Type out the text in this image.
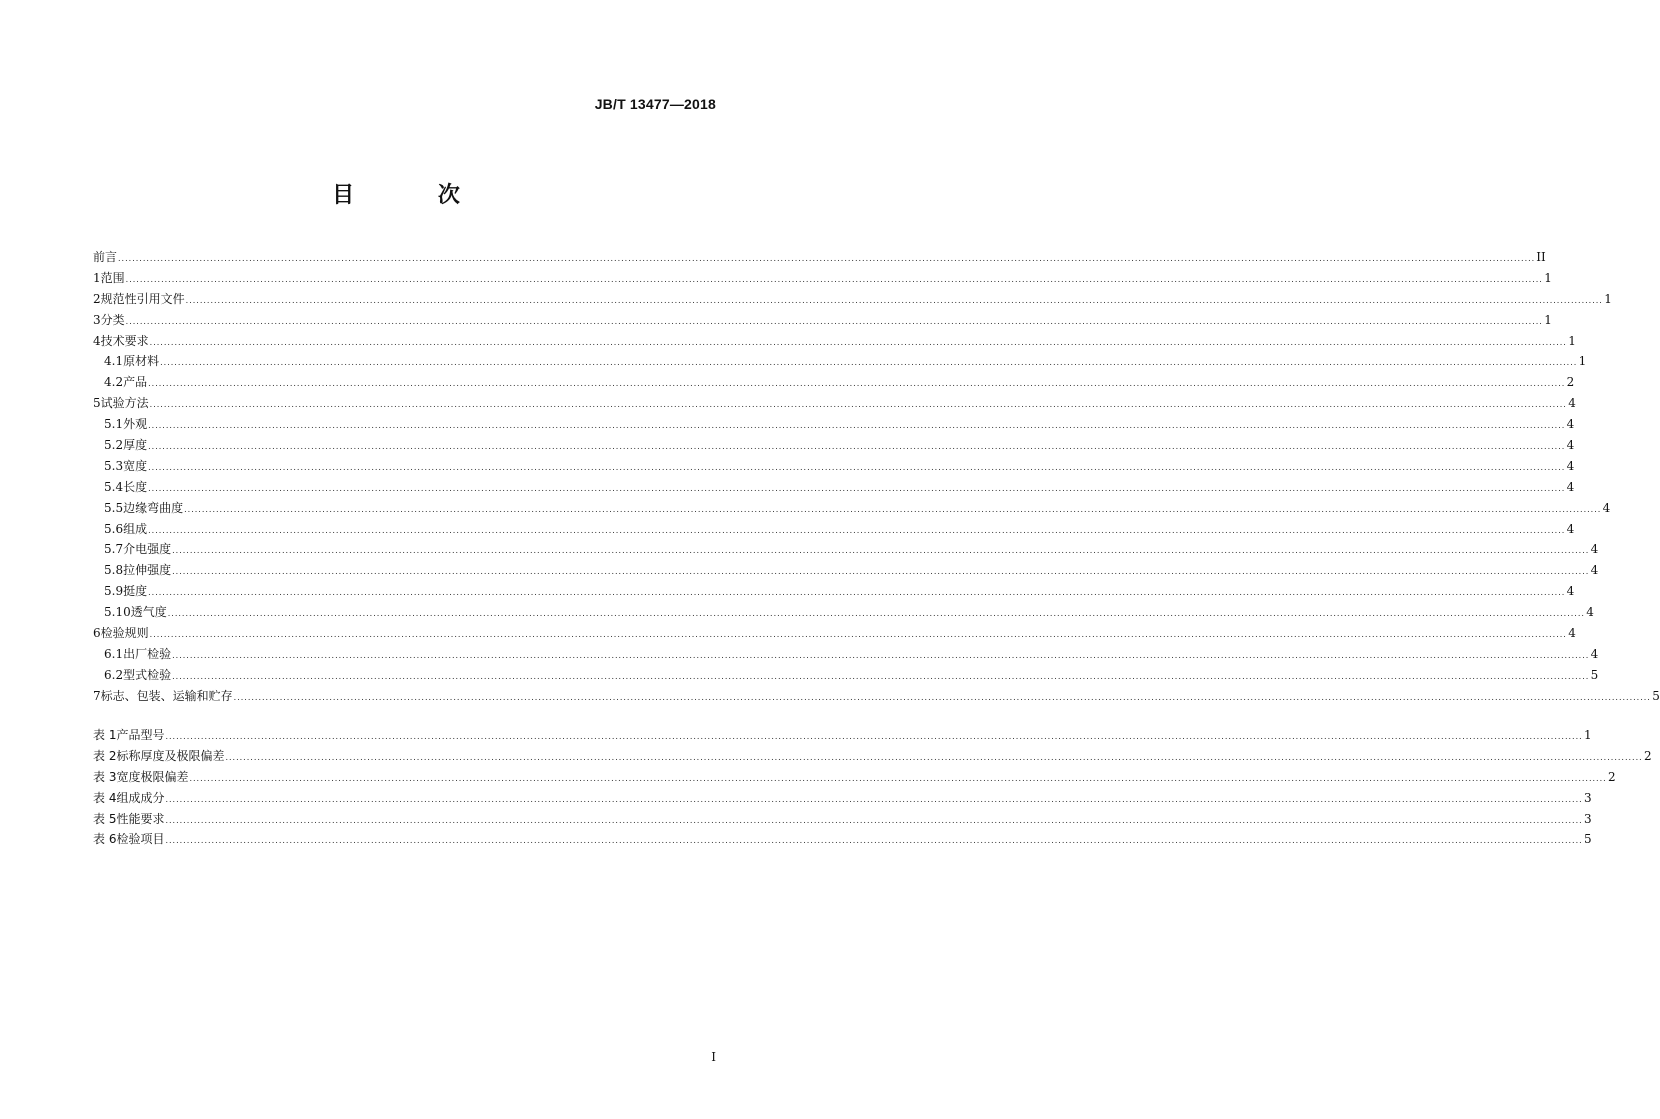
JB/T 13477—2018
目 次
前言 ................................................................................................................................................................................................................................................................................................................................................................................................................ II
1 范围 ................................................................................................................................................................................................................................................................................................................................................................................................................ 1
2 规范性引用文件 ................................................................................................................................................................................................................................................................................................................................................................................................................ 1
3 分类 ................................................................................................................................................................................................................................................................................................................................................................................................................ 1
4 技术要求 ................................................................................................................................................................................................................................................................................................................................................................................................................ 1
4.1 原材料 ................................................................................................................................................................................................................................................................................................................................................................................................................ 1
4.2 产品 ................................................................................................................................................................................................................................................................................................................................................................................................................ 2
5 试验方法 ................................................................................................................................................................................................................................................................................................................................................................................................................ 4
5.1 外观 ................................................................................................................................................................................................................................................................................................................................................................................................................ 4
5.2 厚度 ................................................................................................................................................................................................................................................................................................................................................................................................................ 4
5.3 宽度 ................................................................................................................................................................................................................................................................................................................................................................................................................ 4
5.4 长度 ................................................................................................................................................................................................................................................................................................................................................................................................................ 4
5.5 边缘弯曲度 ................................................................................................................................................................................................................................................................................................................................................................................................................ 4
5.6 组成 ................................................................................................................................................................................................................................................................................................................................................................................................................ 4
5.7 介电强度 ................................................................................................................................................................................................................................................................................................................................................................................................................ 4
5.8 拉伸强度 ................................................................................................................................................................................................................................................................................................................................................................................................................ 4
5.9 挺度 ................................................................................................................................................................................................................................................................................................................................................................................................................ 4
5.10 透气度 ................................................................................................................................................................................................................................................................................................................................................................................................................ 4
6 检验规则 ................................................................................................................................................................................................................................................................................................................................................................................................................ 4
6.1 出厂检验 ................................................................................................................................................................................................................................................................................................................................................................................................................ 4
6.2 型式检验 ................................................................................................................................................................................................................................................................................................................................................................................................................ 5
7 标志、包装、运输和贮存 ................................................................................................................................................................................................................................................................................................................................................................................................................ 5
表 1 产品型号 ................................................................................................................................................................................................................................................................................................................................................................................................................ 1
表 2 标称厚度及极限偏差 ................................................................................................................................................................................................................................................................................................................................................................................................................ 2
表 3 宽度极限偏差 ................................................................................................................................................................................................................................................................................................................................................................................................................ 2
表 4 组成成分 ................................................................................................................................................................................................................................................................................................................................................................................................................ 3
表 5 性能要求 ................................................................................................................................................................................................................................................................................................................................................................................................................ 3
表 6 检验项目 ................................................................................................................................................................................................................................................................................................................................................................................................................ 5
I
